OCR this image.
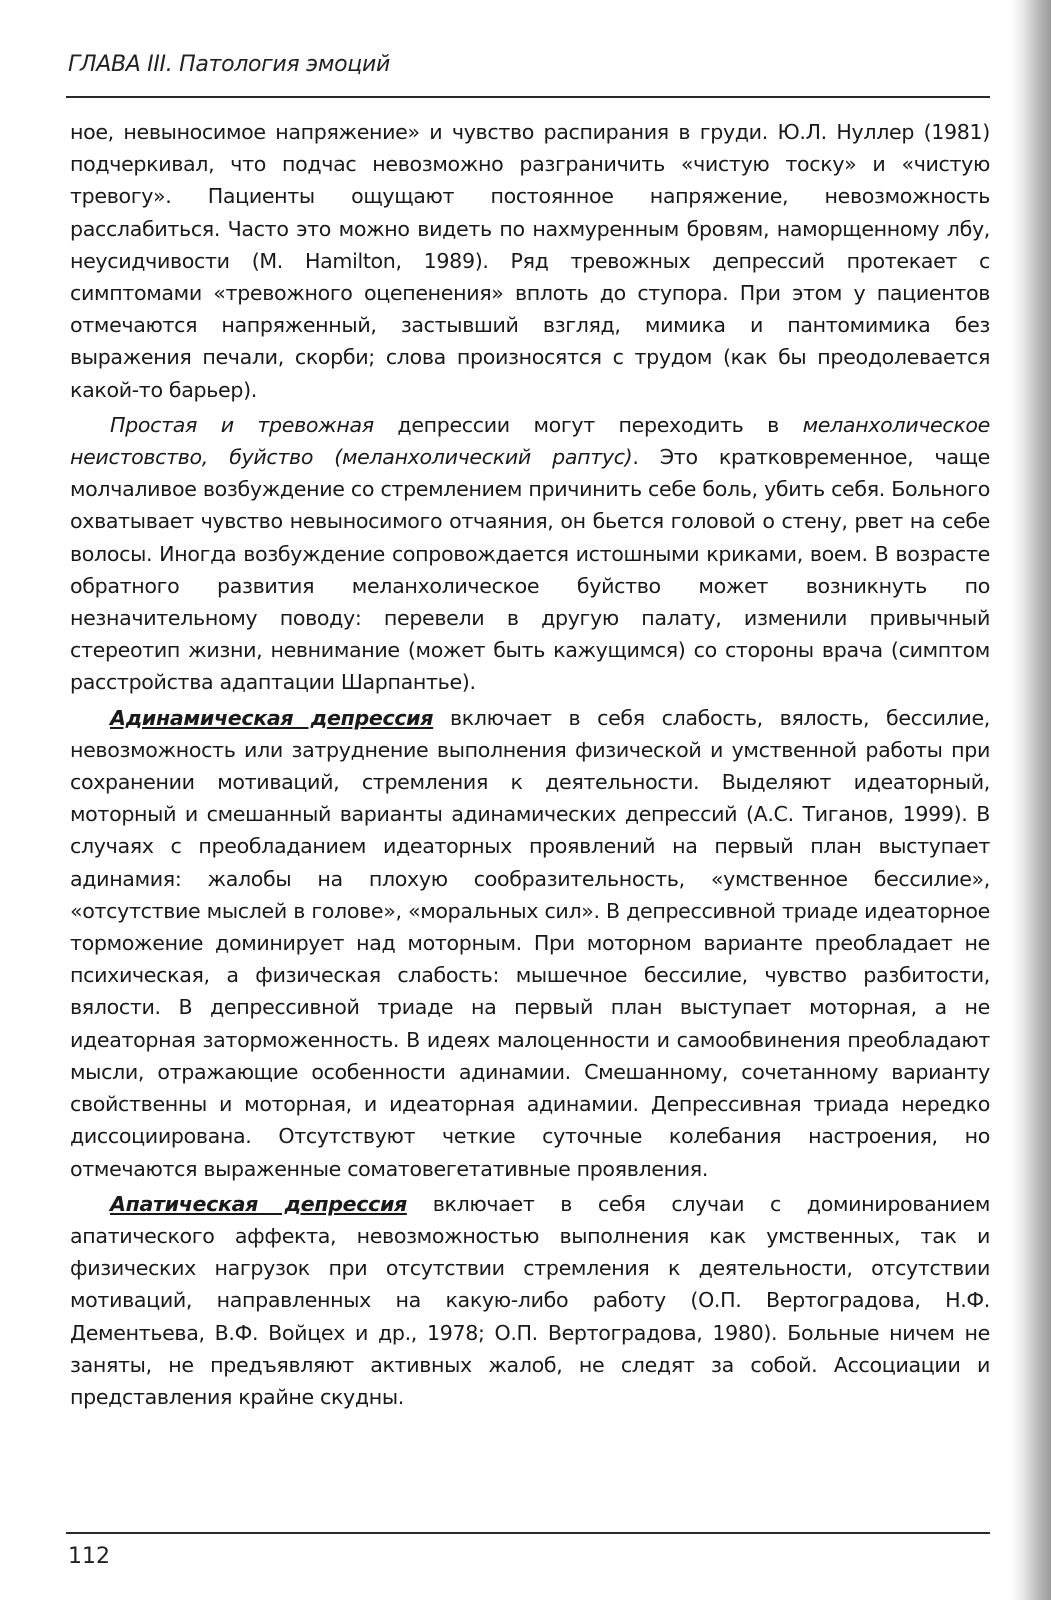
ГЛАВА III. Патология эмоций

ное, невыносимое напряжение» и чувство распирания в груди. Ю.Л. Нуллер (1981) подчеркивал, что подчас невозможно разграничить «чистую тоску» и «чистую тревогу». Пациенты ощущают постоянное напряжение, невозможность расслабиться. Часто это можно видеть по нахмуренным бровям, наморщенному лбу, неусидчивости (M. Hamilton, 1989). Ряд тревожных депрессий протекает с симптомами «тревожного оцепенения» вплоть до ступора. При этом у пациентов отмечаются напряженный, застывший взгляд, мимика и пантомимика без выражения печали, скорби; слова произносятся с трудом (как бы преодолевается какой-то барьер).

Простая и тревожная депрессии могут переходить в меланхолическое неистовство, буйство (меланхолический раптус). Это кратковременное, чаще молчаливое возбуждение со стремлением причинить себе боль, убить себя. Больного охватывает чувство невыносимого отчаяния, он бьется головой о стену, рвет на себе волосы. Иногда возбуждение сопровождается истошными криками, воем. В возрасте обратного развития меланхолическое буйство может возникнуть по незначительному поводу: перевели в другую палату, изменили привычный стереотип жизни, невнимание (может быть кажущимся) со стороны врача (симптом расстройства адаптации Шарпантье).

Адинамическая депрессия включает в себя слабость, вялость, бессилие, невозможность или затруднение выполнения физической и умственной работы при сохранении мотиваций, стремления к деятельности. Выделяют идеаторный, моторный и смешанный варианты адинамических депрессий (А.С. Тиганов, 1999). В случаях с преобладанием идеаторных проявлений на первый план выступает адинамия: жалобы на плохую сообразительность, «умственное бессилие», «отсутствие мыслей в голове», «моральных сил». В депрессивной триаде идеаторное торможение доминирует над моторным. При моторном варианте преобладает не психическая, а физическая слабость: мышечное бессилие, чувство разбитости, вялости. В депрессивной триаде на первый план выступает моторная, а не идеаторная заторможенность. В идеях малоценности и самообвинения преобладают мысли, отражающие особенности адинамии. Смешанному, сочетанному варианту свойственны и моторная, и идеаторная адинамии. Депрессивная триада нередко диссоциирована. Отсутствуют четкие суточные колебания настроения, но отмечаются выраженные соматовегетативные проявления.

Апатическая депрессия включает в себя случаи с доминированием апатического аффекта, невозможностью выполнения как умственных, так и физических нагрузок при отсутствии стремления к деятельности, отсутствии мотиваций, направленных на какую-либо работу (О.П. Вертоградова, Н.Ф. Дементьева, В.Ф. Войцех и др., 1978; О.П. Вертоградова, 1980). Больные ничем не заняты, не предъявляют активных жалоб, не следят за собой. Ассоциации и представления крайне скудны.

112
